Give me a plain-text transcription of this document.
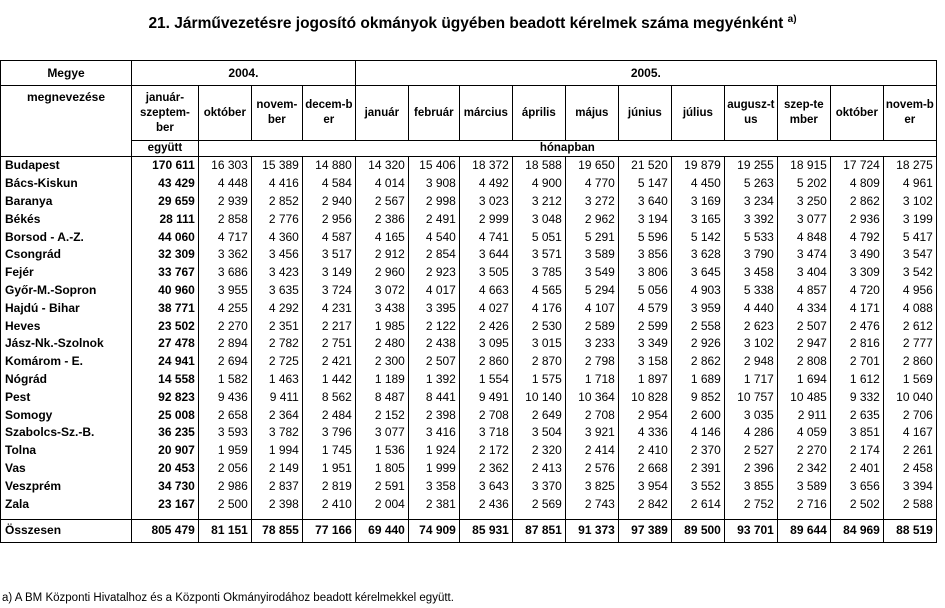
21. Járművezetésre jogosító okmányok ügyében beadott kérelmek száma megyénként $^{a)}$
Megye	2004.				2005.										
megnevezése	január-szeptem-ber	október	novem-ber	decem-ber	január	február	március	április	május	június	július	augusz-tus	szep-tember	október	novem-ber
	együtt	hónapban													
Budapest	170 611	16 303	15 389	14 880	14 320	15 406	18 372	18 588	19 650	21 520	19 879	19 255	18 915	17 724	18 275
Bács-Kiskun	43 429	4 448	4 416	4 584	4 014	3 908	4 492	4 900	4 770	5 147	4 450	5 263	5 202	4 809	4 961
Baranya	29 659	2 939	2 852	2 940	2 567	2 998	3 023	3 212	3 272	3 640	3 169	3 234	3 250	2 862	3 102
Békés	28 111	2 858	2 776	2 956	2 386	2 491	2 999	3 048	2 962	3 194	3 165	3 392	3 077	2 936	3 199
Borsod - A.-Z.	44 060	4 717	4 360	4 587	4 165	4 540	4 741	5 051	5 291	5 596	5 142	5 533	4 848	4 792	5 417
Csongrád	32 309	3 362	3 456	3 517	2 912	2 854	3 644	3 571	3 589	3 856	3 628	3 790	3 474	3 490	3 547
Fejér	33 767	3 686	3 423	3 149	2 960	2 923	3 505	3 785	3 549	3 806	3 645	3 458	3 404	3 309	3 542
Győr-M.-Sopron	40 960	3 955	3 635	3 724	3 072	4 017	4 663	4 565	5 294	5 056	4 903	5 338	4 857	4 720	4 956
Hajdú - Bihar	38 771	4 255	4 292	4 231	3 438	3 395	4 027	4 176	4 107	4 579	3 959	4 440	4 334	4 171	4 088
Heves	23 502	2 270	2 351	2 217	1 985	2 122	2 426	2 530	2 589	2 599	2 558	2 623	2 507	2 476	2 612
Jász-Nk.-Szolnok	27 478	2 894	2 782	2 751	2 480	2 438	3 095	3 015	3 233	3 349	2 926	3 102	2 947	2 816	2 777
Komárom - E.	24 941	2 694	2 725	2 421	2 300	2 507	2 860	2 870	2 798	3 158	2 862	2 948	2 808	2 701	2 860
Nógrád	14 558	1 582	1 463	1 442	1 189	1 392	1 554	1 575	1 718	1 897	1 689	1 717	1 694	1 612	1 569
Pest	92 823	9 436	9 411	8 562	8 487	8 441	9 491	10 140	10 364	10 828	9 852	10 757	10 485	9 332	10 040
Somogy	25 008	2 658	2 364	2 484	2 152	2 398	2 708	2 649	2 708	2 954	2 600	3 035	2 911	2 635	2 706
Szabolcs-Sz.-B.	36 235	3 593	3 782	3 796	3 077	3 416	3 718	3 504	3 921	4 336	4 146	4 286	4 059	3 851	4 167
Tolna	20 907	1 959	1 994	1 745	1 536	1 924	2 172	2 320	2 414	2 410	2 370	2 527	2 270	2 174	2 261
Vas	20 453	2 056	2 149	1 951	1 805	1 999	2 362	2 413	2 576	2 668	2 391	2 396	2 342	2 401	2 458
Veszprém	34 730	2 986	2 837	2 819	2 591	3 358	3 643	3 370	3 825	3 954	3 552	3 855	3 589	3 656	3 394
Zala	23 167	2 500	2 398	2 410	2 004	2 381	2 436	2 569	2 743	2 842	2 614	2 752	2 716	2 502	2 588

Összesen	805 479	81 151	78 855	77 166	69 440	74 909	85 931	87 851	91 373	97 389	89 500	93 701	89 644	84 969	88 519
a) A BM Központi Hivatalhoz és a Központi Okmányirodához beadott kérelmekkel együtt.
